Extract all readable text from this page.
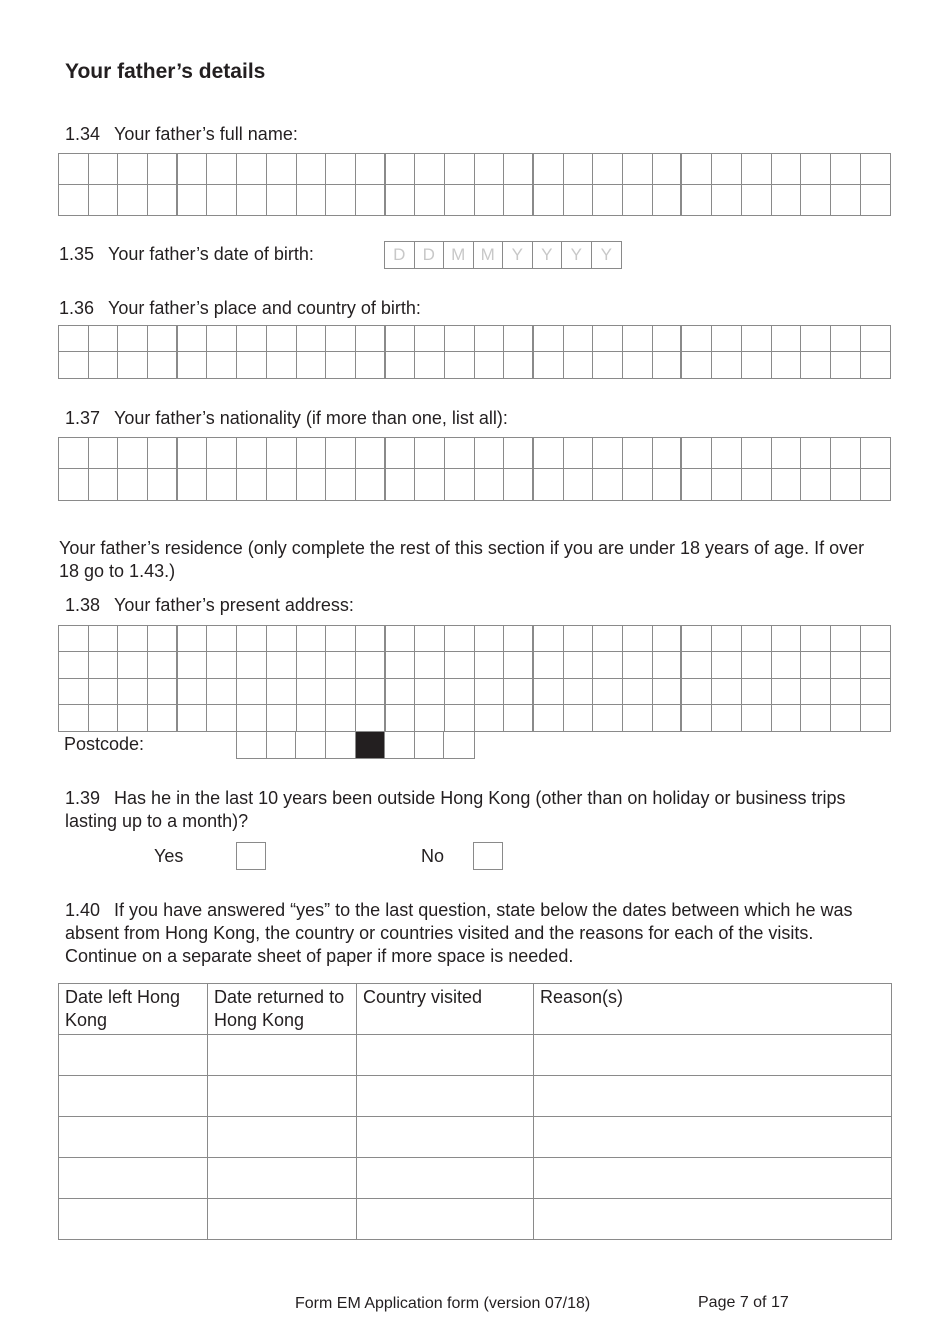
Your father’s details
1.34 Your father’s full name:
1.35 Your father’s date of birth:	D	D M M Y	Y	Y	Y
1.36 Your father’s place and country of birth:
1.37 Your father’s nationality (if more than one, list all):
Your father’s residence (only complete the rest of this section if you are under 18 years of age. If over 18 go to 1.43.)
1.38 Your father’s present address:
Postcode:
1.39 Has he in the last 10 years been outside Hong Kong (other than on holiday or business trips lasting up to a month)?
Yes	No
1.40 If you have answered “yes” to the last question, state below the dates between which he was absent from Hong Kong, the country or countries visited and the reasons for each of the visits. Continue on a separate sheet of paper if more space is needed.
Date left Hong Kong	Date returned to Hong Kong	Country visited	Reason(s)

Form EM Application form (version 07/18)	Page 7 of 17
